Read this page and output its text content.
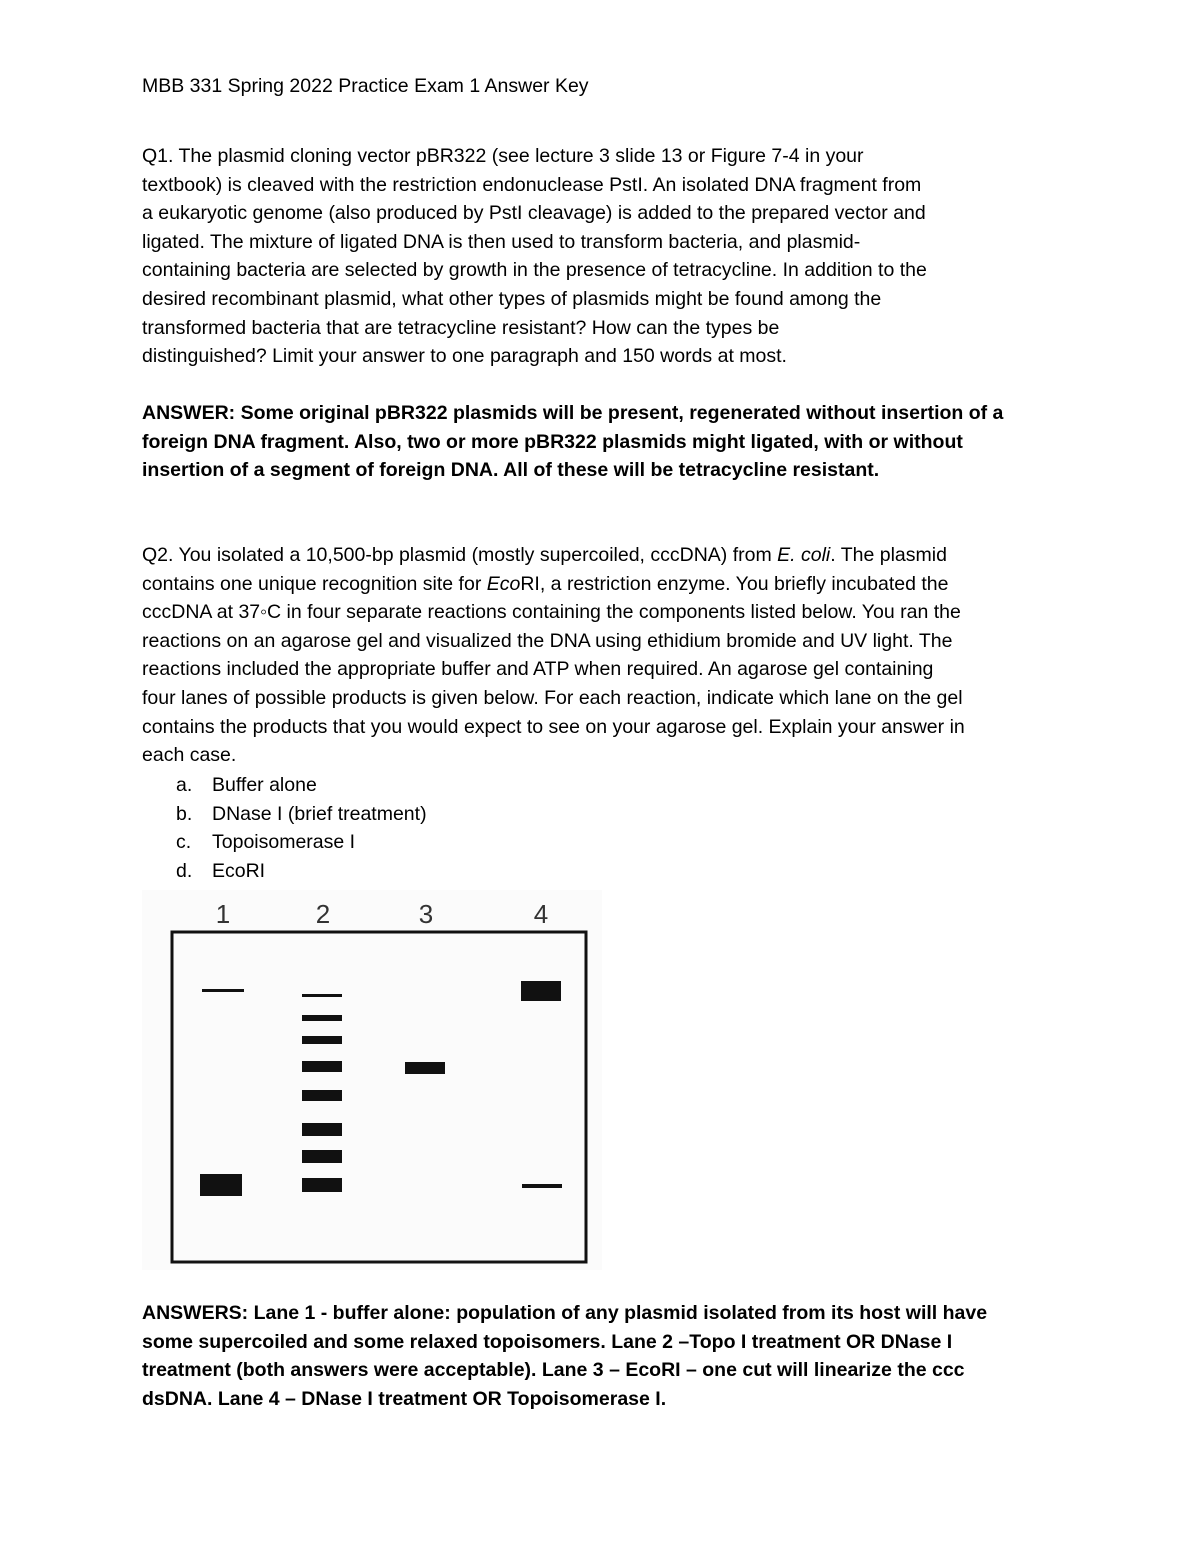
MBB 331 Spring 2022 Practice Exam 1 Answer Key
Q1. The plasmid cloning vector pBR322 (see lecture 3 slide 13 or Figure 7-4 in your
textbook) is cleaved with the restriction endonuclease PstI. An isolated DNA fragment from
a eukaryotic genome (also produced by PstI cleavage) is added to the prepared vector and
ligated. The mixture of ligated DNA is then used to transform bacteria, and plasmid-
containing bacteria are selected by growth in the presence of tetracycline. In addition to the
desired recombinant plasmid, what other types of plasmids might be found among the
transformed bacteria that are tetracycline resistant? How can the types be
distinguished? Limit your answer to one paragraph and 150 words at most.
ANSWER: Some original pBR322 plasmids will be present, regenerated without insertion of a
foreign DNA fragment. Also, two or more pBR322 plasmids might ligated, with or without
insertion of a segment of foreign DNA. All of these will be tetracycline resistant.
Q2. You isolated a 10,500-bp plasmid (mostly supercoiled, cccDNA) from E. coli. The plasmid
contains one unique recognition site for EcoRI, a restriction enzyme. You briefly incubated the
cccDNA at 37◦C in four separate reactions containing the components listed below. You ran the
reactions on an agarose gel and visualized the DNA using ethidium bromide and UV light. The
reactions included the appropriate buffer and ATP when required. An agarose gel containing
four lanes of possible products is given below. For each reaction, indicate which lane on the gel
contains the products that you would expect to see on your agarose gel. Explain your answer in
each case.
a. Buffer alone
b. DNase I (brief treatment)
c. Topoisomerase I
d. EcoRI
1	2	3	4
ANSWERS: Lane 1 - buffer alone: population of any plasmid isolated from its host will have
some supercoiled and some relaxed topoisomers. Lane 2 –Topo I treatment OR DNase I
treatment (both answers were acceptable). Lane 3 – EcoRI – one cut will linearize the ccc
dsDNA. Lane 4 – DNase I treatment OR Topoisomerase I.
